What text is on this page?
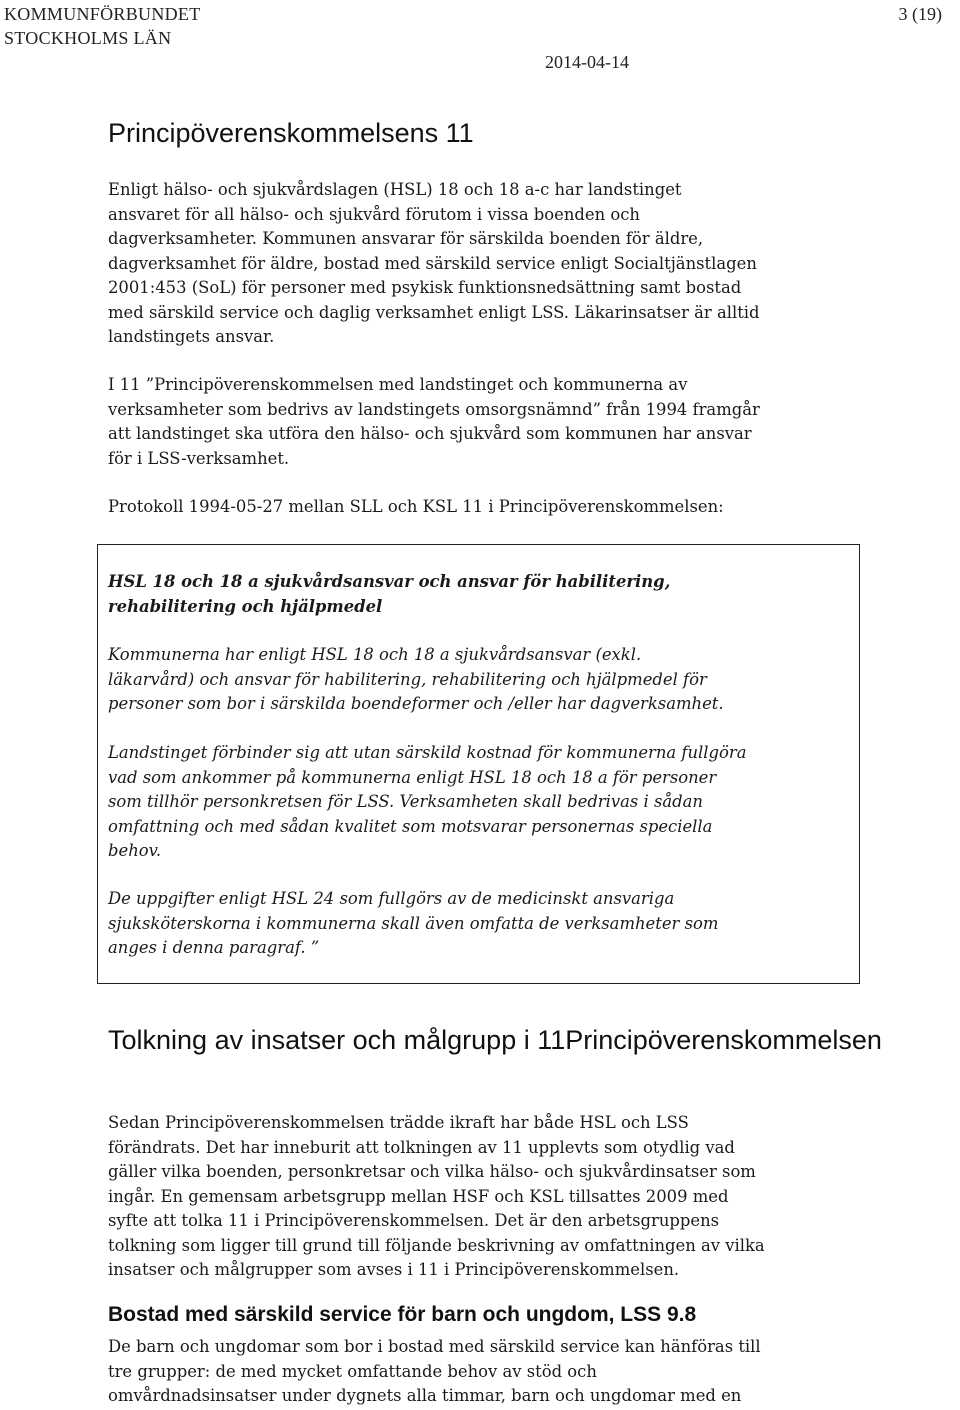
KOMMUNFÖRBUNDET
STOCKHOLMS LÄN
3 (19)
2014-04-14
Principöverenskommelsens 11
Enligt hälso- och sjukvårdslagen (HSL) 18 och 18 a-c har landstinget
ansvaret för all hälso- och sjukvård förutom i vissa boenden och
dagverksamheter. Kommunen ansvarar för särskilda boenden för äldre,
dagverksamhet för äldre, bostad med särskild service enligt Socialtjänstlagen
2001:453 (SoL) för personer med psykisk funktionsnedsättning samt bostad
med särskild service och daglig verksamhet enligt LSS. Läkarinsatser är alltid
landstingets ansvar.
I 11 ”Principöverenskommelsen med landstinget och kommunerna av
verksamheter som bedrivs av landstingets omsorgsnämnd” från 1994 framgår
att landstinget ska utföra den hälso- och sjukvård som kommunen har ansvar
för i LSS-verksamhet.
Protokoll 1994-05-27 mellan SLL och KSL 11 i Principöverenskommelsen:
HSL 18 och 18 a sjukvårdsansvar och ansvar för habilitering,
rehabilitering och hjälpmedel
Kommunerna har enligt HSL 18 och 18 a sjukvårdsansvar (exkl.
läkarvård) och ansvar för habilitering, rehabilitering och hjälpmedel för
personer som bor i särskilda boendeformer och /eller har dagverksamhet.
Landstinget förbinder sig att utan särskild kostnad för kommunerna fullgöra
vad som ankommer på kommunerna enligt HSL 18 och 18 a för personer
som tillhör personkretsen för LSS. Verksamheten skall bedrivas i sådan
omfattning och med sådan kvalitet som motsvarar personernas speciella
behov.
De uppgifter enligt HSL 24 som fullgörs av de medicinskt ansvariga
sjuksköterskorna i kommunerna skall även omfatta de verksamheter som
anges i denna paragraf. ”
Tolkning av insatser och målgrupp i 11Principöverenskommelsen
Sedan Principöverenskommelsen trädde ikraft har både HSL och LSS
förändrats. Det har inneburit att tolkningen av 11 upplevts som otydlig vad
gäller vilka boenden, personkretsar och vilka hälso- och sjukvårdinsatser som
ingår. En gemensam arbetsgrupp mellan HSF och KSL tillsattes 2009 med
syfte att tolka 11 i Principöverenskommelsen. Det är den arbetsgruppens
tolkning som ligger till grund till följande beskrivning av omfattningen av vilka
insatser och målgrupper som avses i 11 i Principöverenskommelsen.
Bostad med särskild service för barn och ungdom, LSS 9.8
De barn och ungdomar som bor i bostad med särskild service kan hänföras till
tre grupper: de med mycket omfattande behov av stöd och
omvårdnadsinsatser under dygnets alla timmar, barn och ungdomar med en
